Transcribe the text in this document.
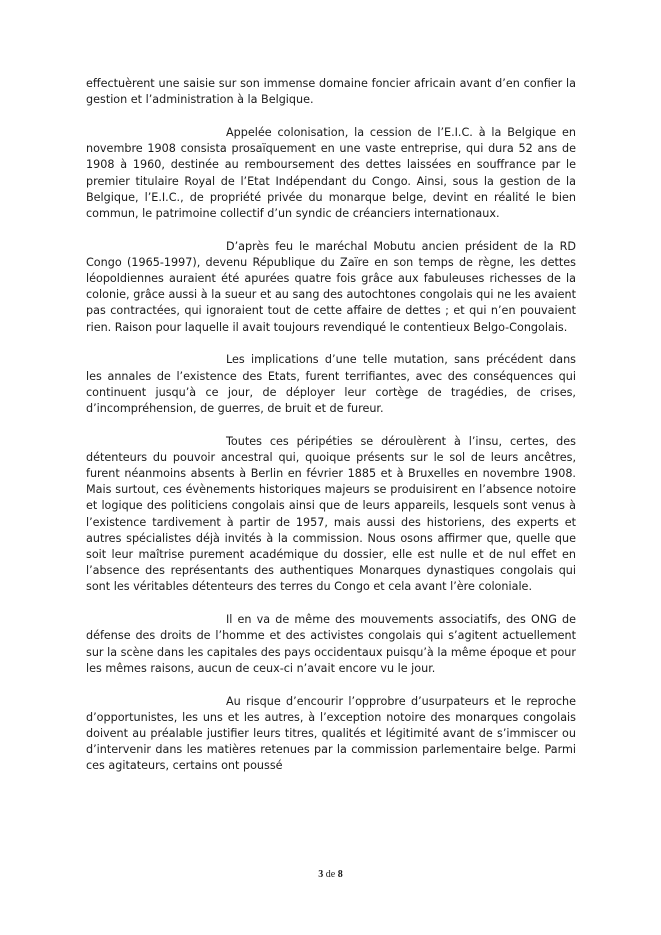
effectuèrent une saisie sur son immense domaine foncier africain avant d’en confier la gestion et l’administration à la Belgique.

Appelée colonisation, la cession de l’E.I.C. à la Belgique en novembre 1908 consista prosaïquement en une vaste entreprise, qui dura 52 ans de 1908 à 1960, destinée au remboursement des dettes laissées en souffrance par le premier titulaire Royal de l’Etat Indépendant du Congo. Ainsi, sous la gestion de la Belgique, l’E.I.C., de propriété privée du monarque belge, devint en réalité le bien commun, le patrimoine collectif d’un syndic de créanciers internationaux.

D’après feu le maréchal Mobutu ancien président de la RD Congo (1965-1997), devenu République du Zaïre en son temps de règne, les dettes léopoldiennes auraient été apurées quatre fois grâce aux fabuleuses richesses de la colonie, grâce aussi à la sueur et au sang des autochtones congolais qui ne les avaient pas contractées, qui ignoraient tout de cette affaire de dettes ; et qui n’en pouvaient rien. Raison pour laquelle il avait toujours revendiqué le contentieux Belgo-Congolais.

Les implications d’une telle mutation, sans précédent dans les annales de l’existence des Etats, furent terrifiantes, avec des conséquences qui continuent jusqu’à ce jour, de déployer leur cortège de tragédies, de crises, d’incompréhension, de guerres, de bruit et de fureur.

Toutes ces péripéties se déroulèrent à l’insu, certes, des détenteurs du pouvoir ancestral qui, quoique présents sur le sol de leurs ancêtres, furent néanmoins absents à Berlin en février 1885 et à Bruxelles en novembre 1908. Mais surtout, ces évènements historiques majeurs se produisirent en l’absence notoire et logique des politiciens congolais ainsi que de leurs appareils, lesquels sont venus à l’existence tardivement à partir de 1957, mais aussi des historiens, des experts et autres spécialistes déjà invités à la commission. Nous osons affirmer que, quelle que soit leur maîtrise purement académique du dossier, elle est nulle et de nul effet en l’absence des représentants des authentiques Monarques dynastiques congolais qui sont les véritables détenteurs des terres du Congo et cela avant l’ère coloniale.

Il en va de même des mouvements associatifs, des ONG de défense des droits de l’homme et des activistes congolais qui s’agitent actuellement sur la scène dans les capitales des pays occidentaux puisqu’à la même époque et pour les mêmes raisons, aucun de ceux-ci n’avait encore vu le jour.

Au risque d’encourir l’opprobre d’usurpateurs et le reproche d’opportunistes, les uns et les autres, à l’exception notoire des monarques congolais doivent au préalable justifier leurs titres, qualités et légitimité avant de s’immiscer ou d’intervenir dans les matières retenues par la commission parlementaire belge. Parmi ces agitateurs, certains ont poussé

3 de 8
